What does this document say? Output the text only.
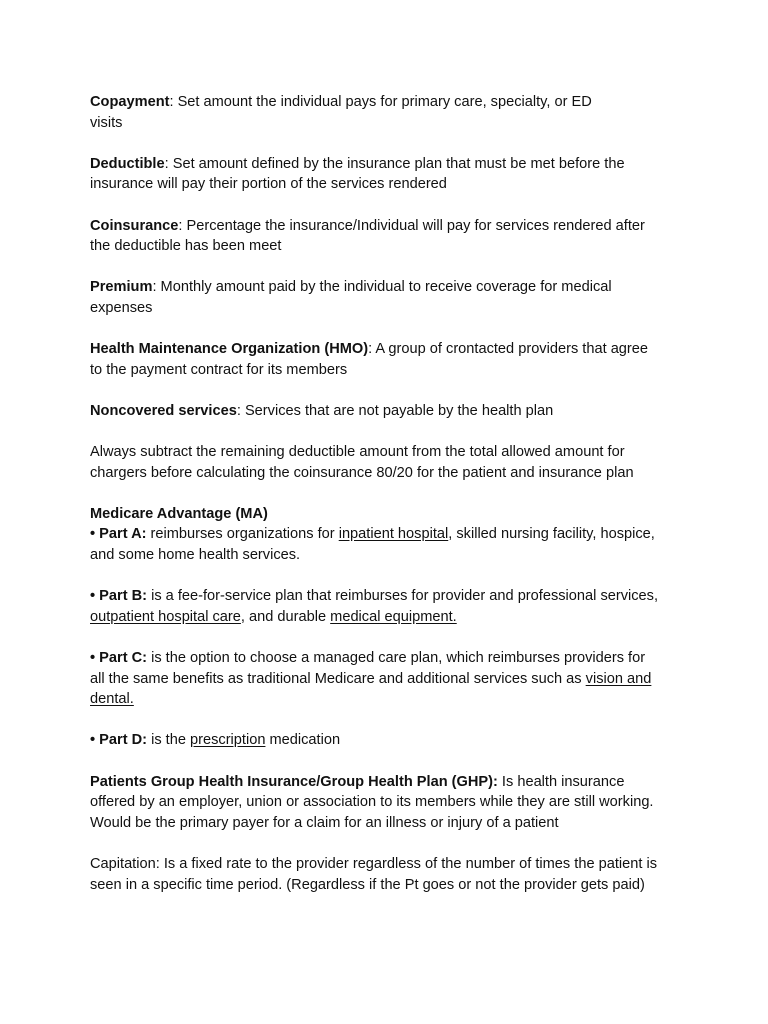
Copayment: Set amount the individual pays for primary care, specialty, or ED
visits
Deductible: Set amount defined by the insurance plan that must be met before the
insurance will pay their portion of the services rendered
Coinsurance: Percentage the insurance/Individual will pay for services rendered after
the deductible has been meet
Premium: Monthly amount paid by the individual to receive coverage for medical
expenses
Health Maintenance Organization (HMO): A group of crontacted providers that agree
to the payment contract for its members
Noncovered services: Services that are not payable by the health plan
Always subtract the remaining deductible amount from the total allowed amount for
chargers before calculating the coinsurance 80/20 for the patient and insurance plan
Medicare Advantage (MA)
• Part A: reimburses organizations for inpatient hospital, skilled nursing facility, hospice,
and some home health services.
• Part B: is a fee-for-service plan that reimburses for provider and professional services,
outpatient hospital care, and durable medical equipment.
• Part C: is the option to choose a managed care plan, which reimburses providers for
all the same benefits as traditional Medicare and additional services such as vision and
dental.
• Part D: is the prescription medication
Patients Group Health Insurance/Group Health Plan (GHP): Is health insurance
offered by an employer, union or association to its members while they are still working.
Would be the primary payer for a claim for an illness or injury of a patient
Capitation: Is a fixed rate to the provider regardless of the number of times the patient is
seen in a specific time period. (Regardless if the Pt goes or not the provider gets paid)
